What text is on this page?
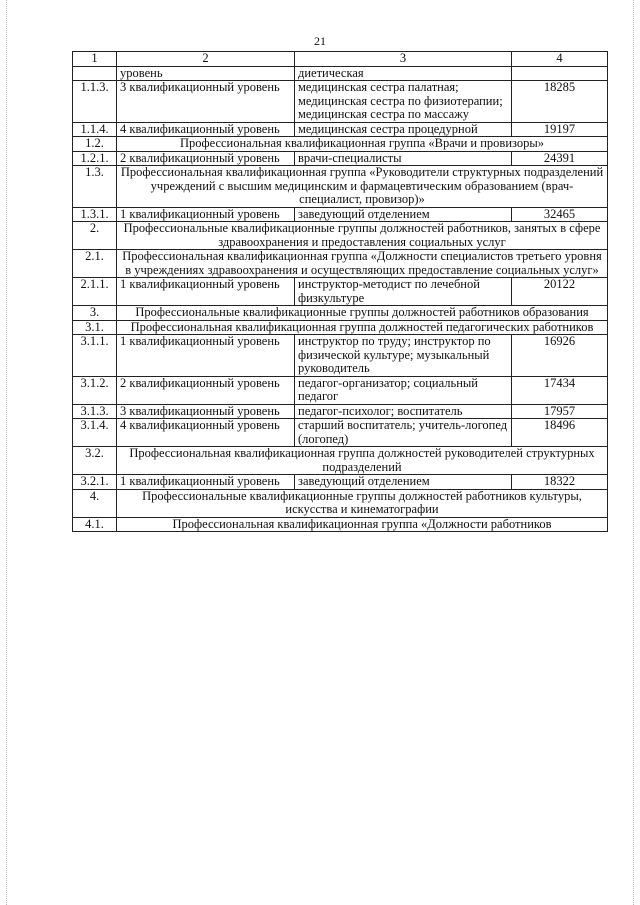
21
1	2	3	4
	уровень	диетическая	
1.1.3.	3 квалификационный уровень	медицинская сестра палатная; медицинская сестра по физиотерапии; медицинская сестра по массажу	18285
1.1.4.	4 квалификационный уровень	медицинская сестра процедурной	19197
1.2.	Профессиональная квалификационная группа «Врачи и провизоры»		
1.2.1.	2 квалификационный уровень	врачи-специалисты	24391
1.3.	Профессиональная квалификационная группа «Руководители структурных подразделений учреждений с высшим медицинским и фармацевтическим образованием (врач-специалист, провизор)»		
1.3.1.	1 квалификационный уровень	заведующий отделением	32465
2.	Профессиональные квалификационные группы должностей работников, занятых в сфере здравоохранения и предоставления социальных услуг		
2.1.	Профессиональная квалификационная группа «Должности специалистов третьего уровня в учреждениях здравоохранения и осуществляющих предоставление социальных услуг»		
2.1.1.	1 квалификационный уровень	инструктор-методист по лечебной физкультуре	20122
3.	Профессиональные квалификационные группы должностей работников образования		
3.1.	Профессиональная квалификационная группа должностей педагогических работников		
3.1.1.	1 квалификационный уровень	инструктор по труду; инструктор по физической культуре; музыкальный руководитель	16926
3.1.2.	2 квалификационный уровень	педагог-организатор; социальный педагог	17434
3.1.3.	3 квалификационный уровень	педагог-психолог; воспитатель	17957
3.1.4.	4 квалификационный уровень	старший воспитатель; учитель-логопед (логопед)	18496
3.2.	Профессиональная квалификационная группа должностей руководителей структурных подразделений		
3.2.1.	1 квалификационный уровень	заведующий отделением	18322
4.	Профессиональные квалификационные группы должностей работников культуры, искусства и кинематографии		
4.1.	Профессиональная квалификационная группа «Должности работников		
